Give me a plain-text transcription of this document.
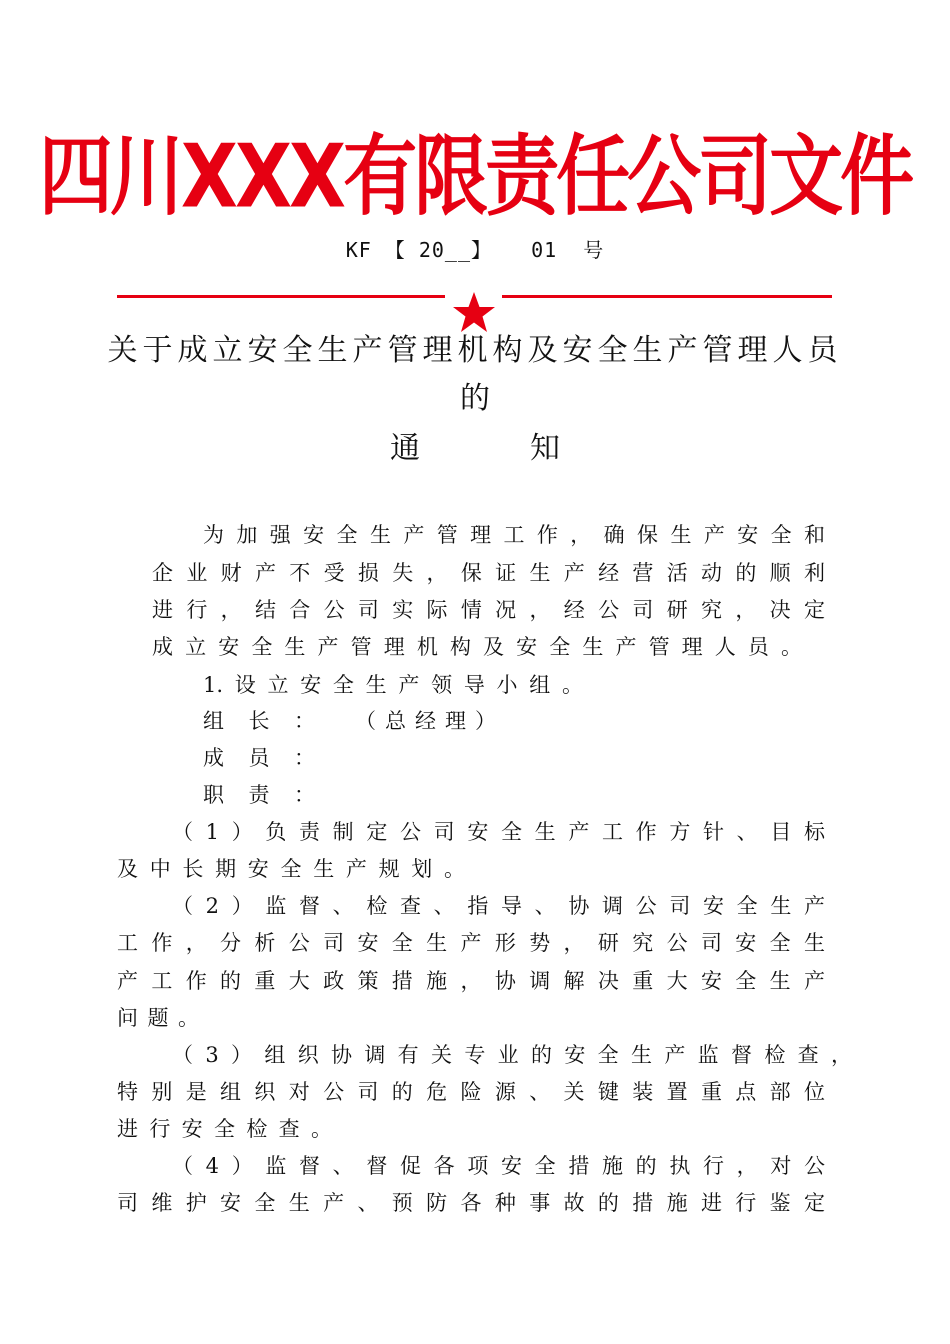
四川XXX有限责任公司文件
KF 【 20__】   01  号
关于成立安全生产管理机构及安全生产管理人员
的
通	知
为加强安全生产管理工作，确保生产安全和
企业财产不受损失，保证生产经营活动的顺利
进行，结合公司实际情况，经公司研究，决定
成立安全生产管理机构及安全生产管理人员。
1.设立安全生产领导小组。
组长： （总经理）
成员：
职责：
（1）负责制定公司安全生产工作方针、目标
及中长期安全生产规划。
（2）监督、检查、指导、协调公司安全生产
工作，分析公司安全生产形势，研究公司安全生
产工作的重大政策措施，协调解决重大安全生产
问题。
（3）组织协调有关专业的安全生产监督检查，
特别是组织对公司的危险源、关键装置重点部位
进行安全检查。
（4）监督、督促各项安全措施的执行，对公
司维护安全生产、预防各种事故的措施进行鉴定
